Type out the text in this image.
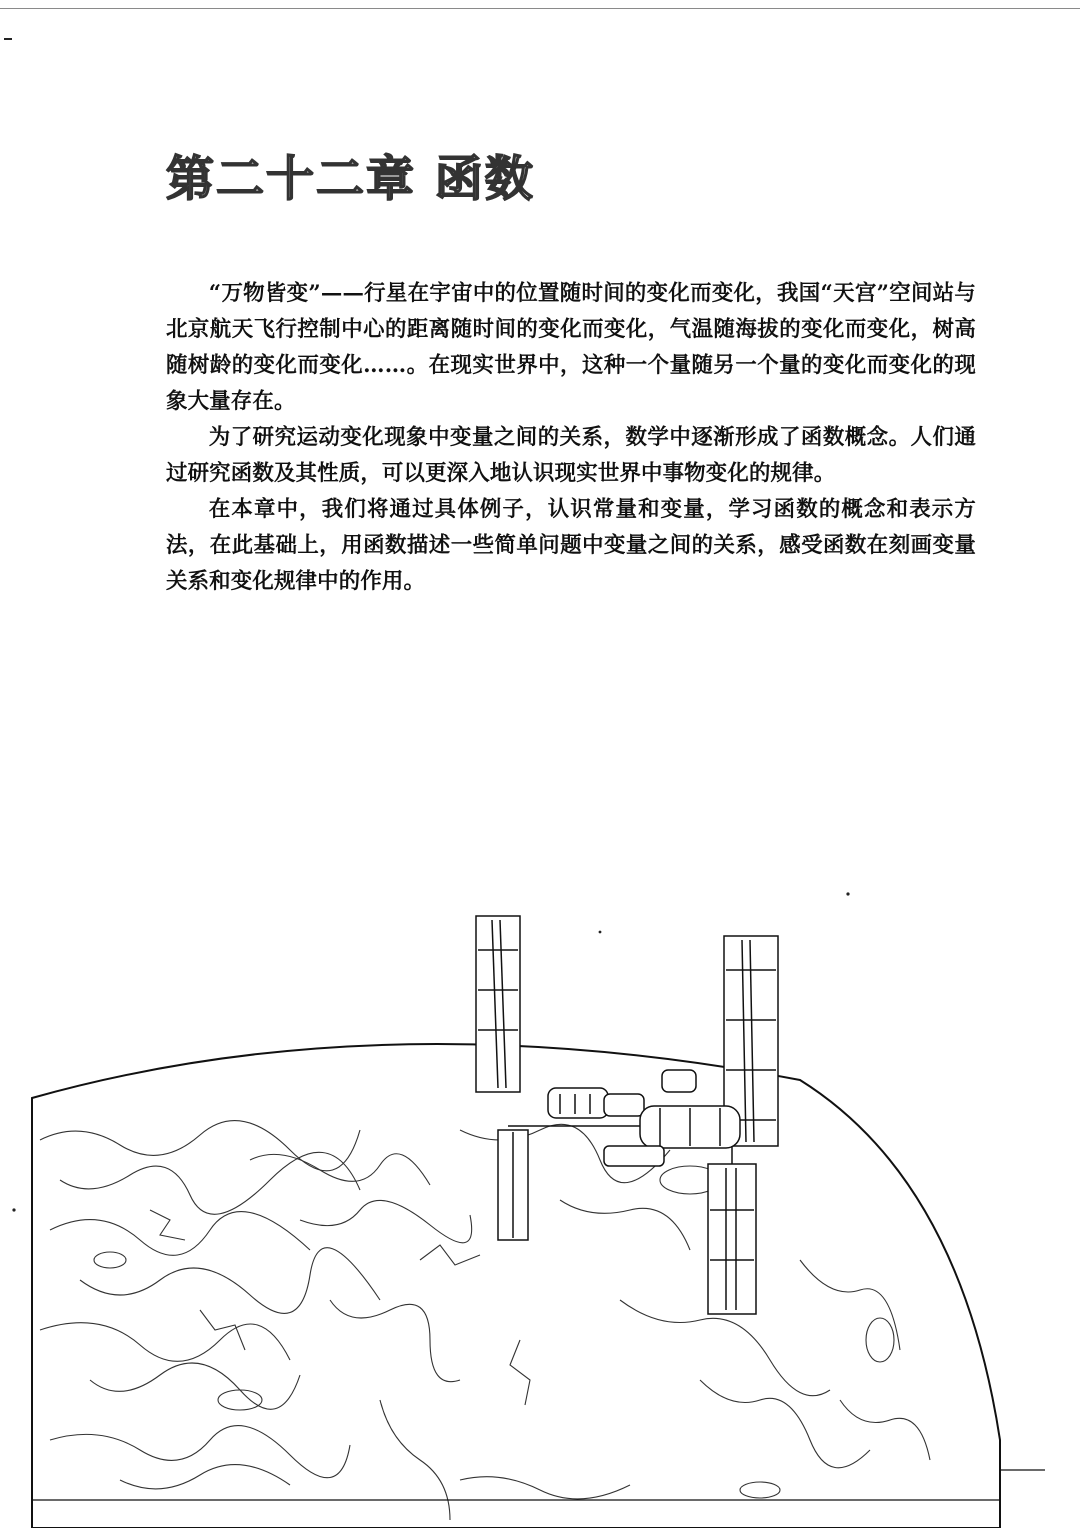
第二十二章 函数

“万物皆变”——行星在宇宙中的位置随时间的变化而变化，我国“天宫”空间站与北京航天飞行控制中心的距离随时间的变化而变化，气温随海拔的变化而变化，树高随树龄的变化而变化……。在现实世界中，这种一个量随另一个量的变化而变化的现象大量存在。

为了研究运动变化现象中变量之间的关系，数学中逐渐形成了函数概念。人们通过研究函数及其性质，可以更深入地认识现实世界中事物变化的规律。

在本章中，我们将通过具体例子，认识常量和变量，学习函数的概念和表示方法，在此基础上，用函数描述一些简单问题中变量之间的关系，感受函数在刻画变量关系和变化规律中的作用。
